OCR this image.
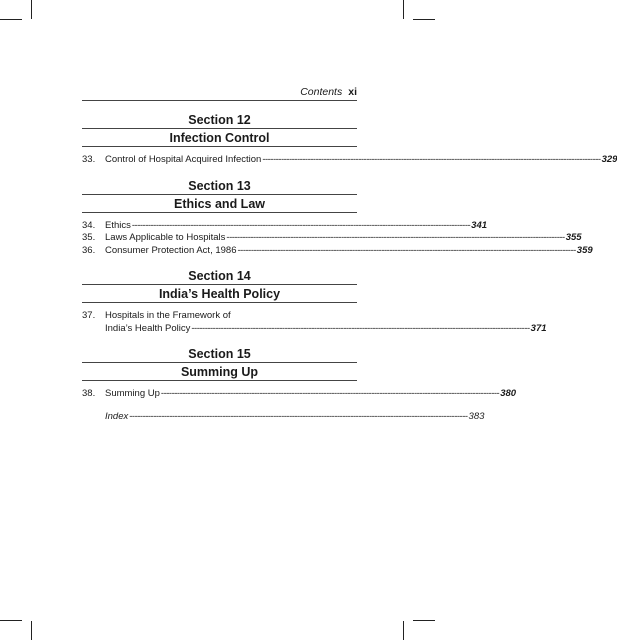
Contents xi
Section 12
Infection Control
33.	Control of Hospital Acquired Infection -----	329
Section 13
Ethics and Law
34.	Ethics -----	341
35.	Laws Applicable to Hospitals -----	355
36.	Consumer Protection Act, 1986 -----	359
Section 14
India’s Health Policy
37.	Hospitals in the Framework of
India’s Health Policy -----	371
Section 15
Summing Up
38.	Summing Up -----	380
Index -----	383
